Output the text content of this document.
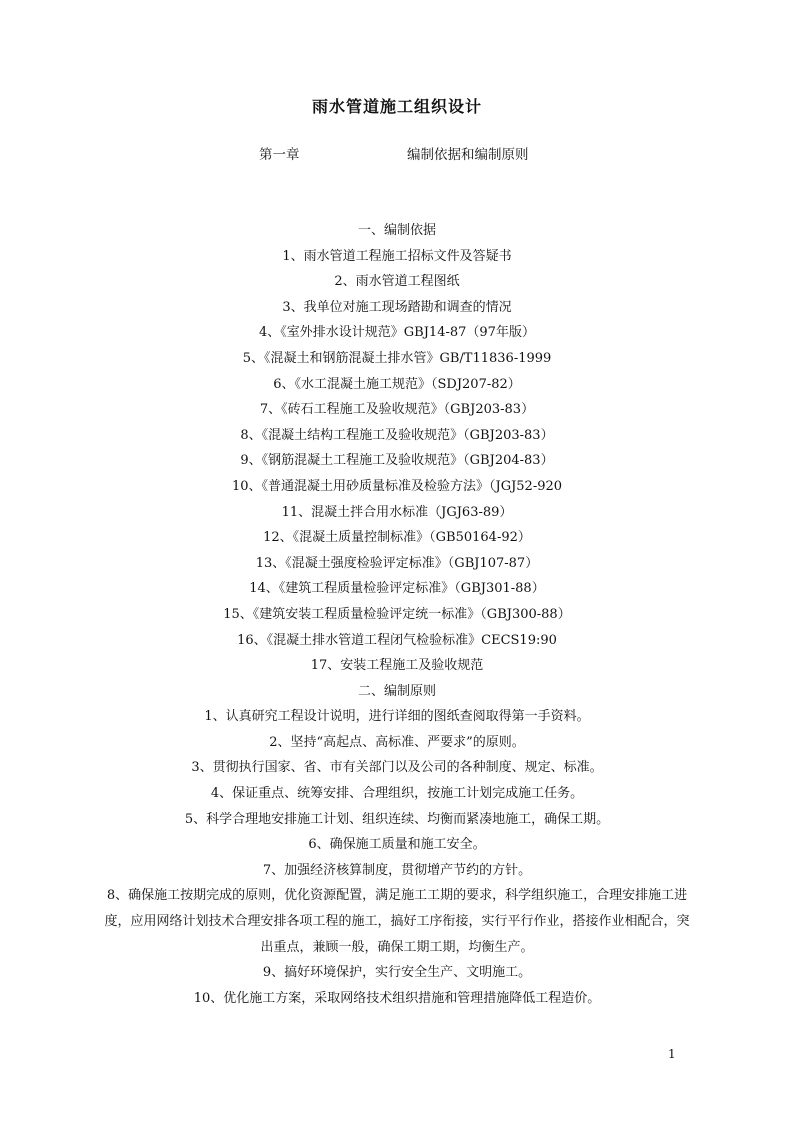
雨水管道施工组织设计
第一章	编制依据和编制原则
一、编制依据
1、雨水管道工程施工招标文件及答疑书
2、雨水管道工程图纸
3、我单位对施工现场踏勘和调查的情况
4、《室外排水设计规范》GBJ14-87（97年版）
5、《混凝土和钢筋混凝土排水管》GB/T11836-1999
6、《水工混凝土施工规范》（SDJ207-82）
7、《砖石工程施工及验收规范》（GBJ203-83）
8、《混凝土结构工程施工及验收规范》（GBJ203-83）
9、《钢筋混凝土工程施工及验收规范》（GBJ204-83）
10、《普通混凝土用砂质量标准及检验方法》（JGJ52-920
11、混凝土拌合用水标准（JGJ63-89）
12、《混凝土质量控制标准》（GB50164-92）
13、《混凝土强度检验评定标准》（GBJ107-87）
14、《建筑工程质量检验评定标准》（GBJ301-88）
15、《建筑安装工程质量检验评定统一标准》（GBJ300-88）
16、《混凝土排水管道工程闭气检验标准》CECS19:90
17、安装工程施工及验收规范
二、编制原则
1、认真研究工程设计说明，进行详细的图纸查阅取得第一手资料。
2、坚持“高起点、高标准、严要求”的原则。
3、贯彻执行国家、省、市有关部门以及公司的各种制度、规定、标准。
4、保证重点、统筹安排、合理组织，按施工计划完成施工任务。
5、科学合理地安排施工计划、组织连续、均衡而紧凑地施工，确保工期。
6、确保施工质量和施工安全。
7、加强经济核算制度，贯彻增产节约的方针。
8、确保施工按期完成的原则，优化资源配置，满足施工工期的要求，科学组织施工，合理安排施工进度，应用网络计划技术合理安排各项工程的施工，搞好工序衔接，实行平行作业，搭接作业相配合，突出重点，兼顾一般，确保工期工期，均衡生产。
9、搞好环境保护，实行安全生产、文明施工。
10、优化施工方案，采取网络技术组织措施和管理措施降低工程造价。
1
